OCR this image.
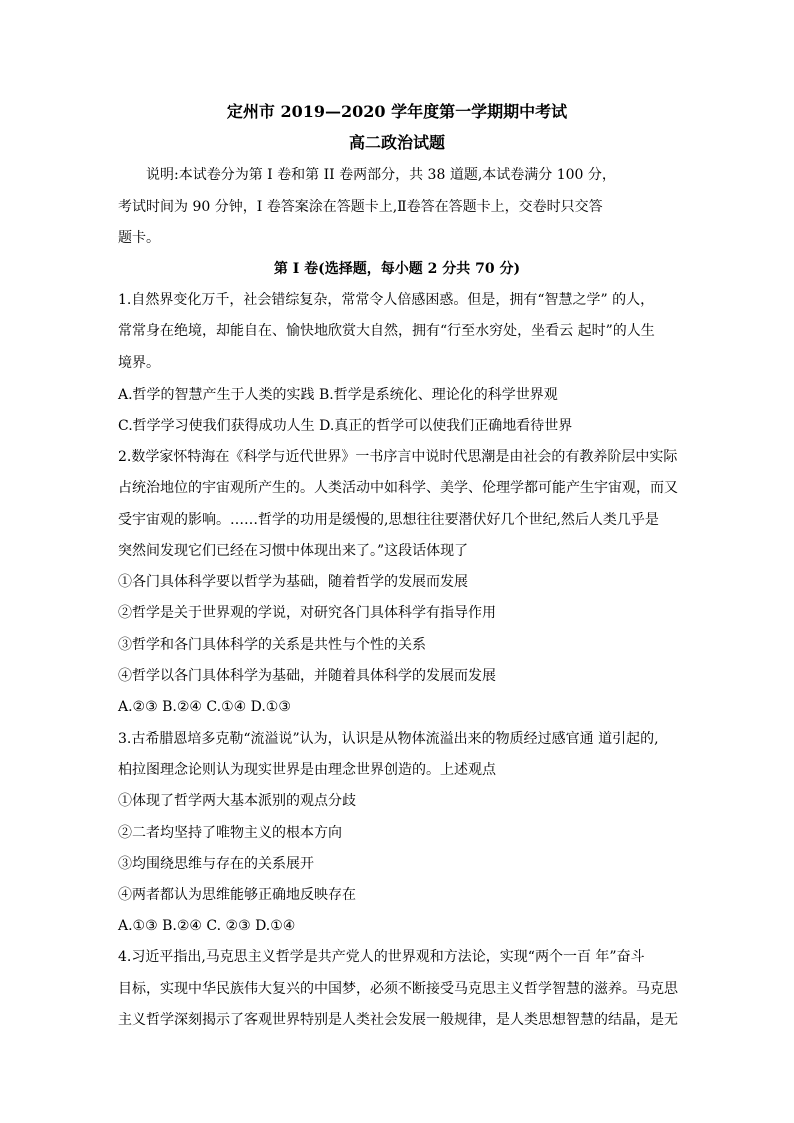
定州市 2019—2020 学年度第一学期期中考试
高二政治试题
说明:本试卷分为第 I 卷和第 II 卷两部分，共 38 道题,本试卷满分 100 分，
考试时间为 90 分钟，I 卷答案涂在答题卡上,Ⅱ卷答在答题卡上，交卷时只交答
题卡。
第 I 卷(选择题，每小题 2 分共 70 分)
1.自然界变化万千，社会错综复杂，常常令人倍感困惑。但是，拥有“智慧之学” 的人，
常常身在绝境，却能自在、愉快地欣赏大自然，拥有“行至水穷处，坐看云 起时”的人生
境界。
A.哲学的智慧产生于人类的实践 B.哲学是系统化、理论化的科学世界观
C.哲学学习使我们获得成功人生 D.真正的哲学可以使我们正确地看待世界
2.数学家怀特海在《科学与近代世界》一书序言中说时代思潮是由社会的有教养阶层中实际
占统治地位的宇宙观所产生的。人类活动中如科学、美学、伦理学都可能产生宇宙观，而又
受宇宙观的影响。……哲学的功用是缓慢的,思想往往要潜伏好几个世纪,然后人类几乎是
突然间发现它们已经在习惯中体现出来了。”这段话体现了
①各门具体科学要以哲学为基础，随着哲学的发展而发展
②哲学是关于世界观的学说，对研究各门具体科学有指导作用
③哲学和各门具体科学的关系是共性与个性的关系
④哲学以各门具体科学为基础，并随着具体科学的发展而发展
A.②③ B.②④ C.①④ D.①③
3.古希腊恩培多克勒“流溢说”认为，认识是从物体流溢出来的物质经过感官通 道引起的,
柏拉图理念论则认为现实世界是由理念世界创造的。上述观点
①体现了哲学两大基本派别的观点分歧
②二者均坚持了唯物主义的根本方向
③均围绕思维与存在的关系展开
④两者都认为思维能够正确地反映存在
A.①③ B.②④ C. ②③ D.①④
4.习近平指出,马克思主义哲学是共产党人的世界观和方法论，实现“两个一百 年”奋斗
目标，实现中华民族伟大复兴的中国梦，必须不断接受马克思主义哲学智慧的滋养。马克思
主义哲学深刻揭示了客观世界特别是人类社会发展一般规律，是人类思想智慧的结晶，是无
